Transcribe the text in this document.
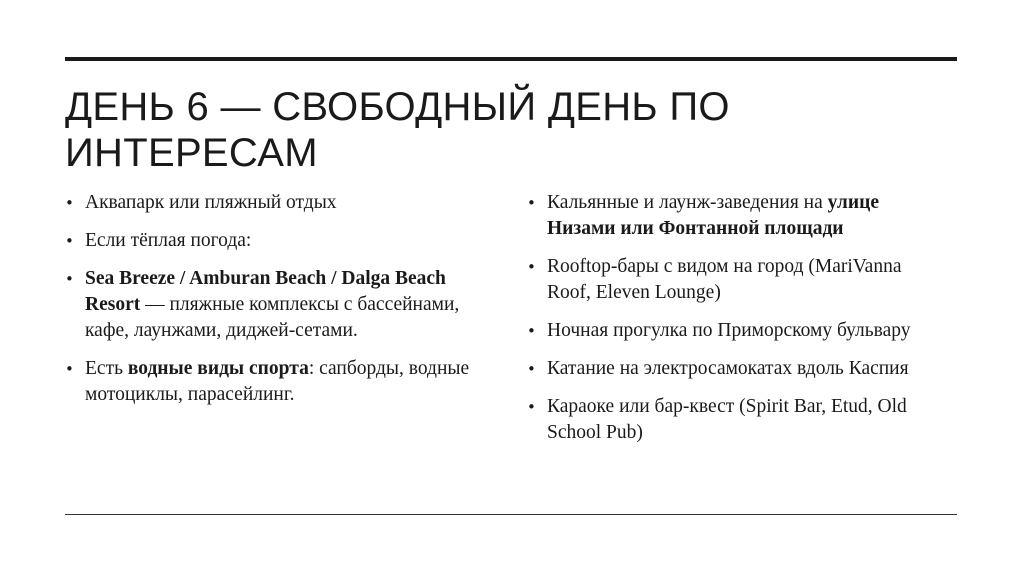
ДЕНЬ 6 — СВОБОДНЫЙ ДЕНЬ ПО
ИНТЕРЕСАМ
• Аквапарк или пляжный отдых
• Если тёплая погода:
• Sea Breeze / Amburan Beach / Dalga Beach Resort — пляжные комплексы с бассейнами, кафе, лаунжами, диджей-сетами.
• Есть водные виды спорта: сапборды, водные мотоциклы, парасейлинг.
• Кальянные и лаунж-заведения на улице Низами или Фонтанной площади
• Rooftop-бары с видом на город (MariVanna Roof, Eleven Lounge)
• Ночная прогулка по Приморскому бульвару
• Катание на электросамокатах вдоль Каспия
• Караоке или бар-квест (Spirit Bar, Etud, Old School Pub)
